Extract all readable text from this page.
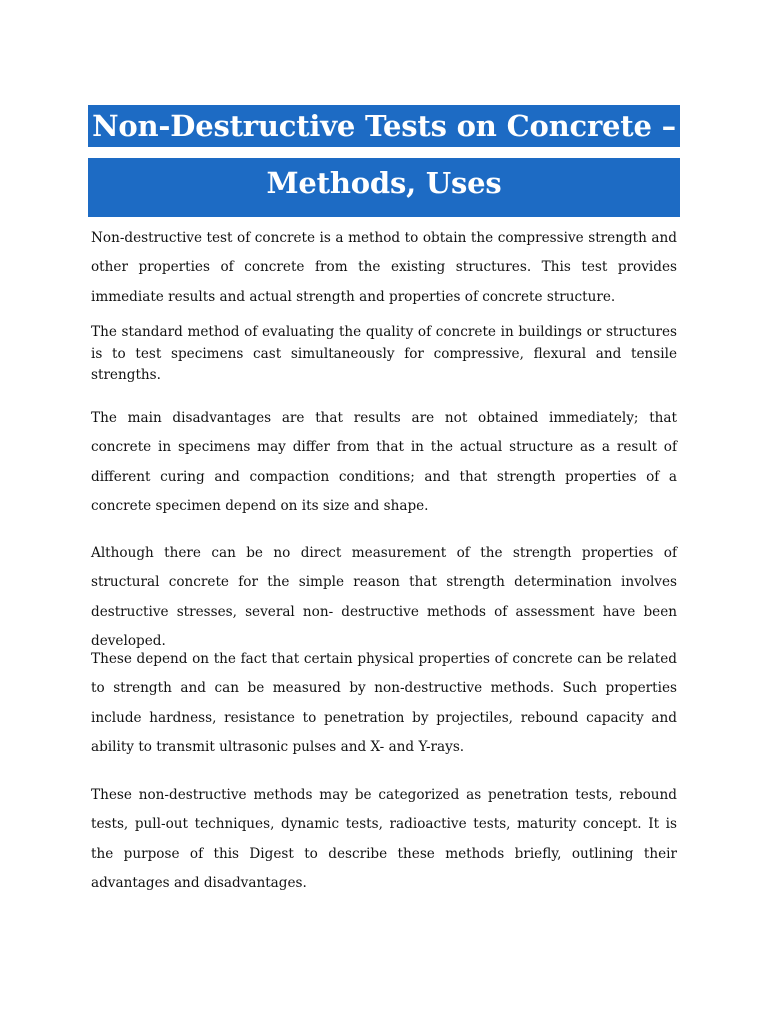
Non-Destructive Tests on Concrete –
Methods, Uses

Non-destructive test of concrete is a method to obtain the compressive strength and other properties of concrete from the existing structures. This test provides immediate results and actual strength and properties of concrete structure.

The standard method of evaluating the quality of concrete in buildings or structures is to test specimens cast simultaneously for compressive, flexural and tensile strengths.

The main disadvantages are that results are not obtained immediately; that concrete in specimens may differ from that in the actual structure as a result of different curing and compaction conditions; and that strength properties of a concrete specimen depend on its size and shape.

Although there can be no direct measurement of the strength properties of structural concrete for the simple reason that strength determination involves destructive stresses, several non- destructive methods of assessment have been developed.

These depend on the fact that certain physical properties of concrete can be related to strength and can be measured by non-destructive methods. Such properties include hardness, resistance to penetration by projectiles, rebound capacity and ability to transmit ultrasonic pulses and X- and Y-rays.

These non-destructive methods may be categorized as penetration tests, rebound tests, pull-out techniques, dynamic tests, radioactive tests, maturity concept. It is the purpose of this Digest to describe these methods briefly, outlining their advantages and disadvantages.
